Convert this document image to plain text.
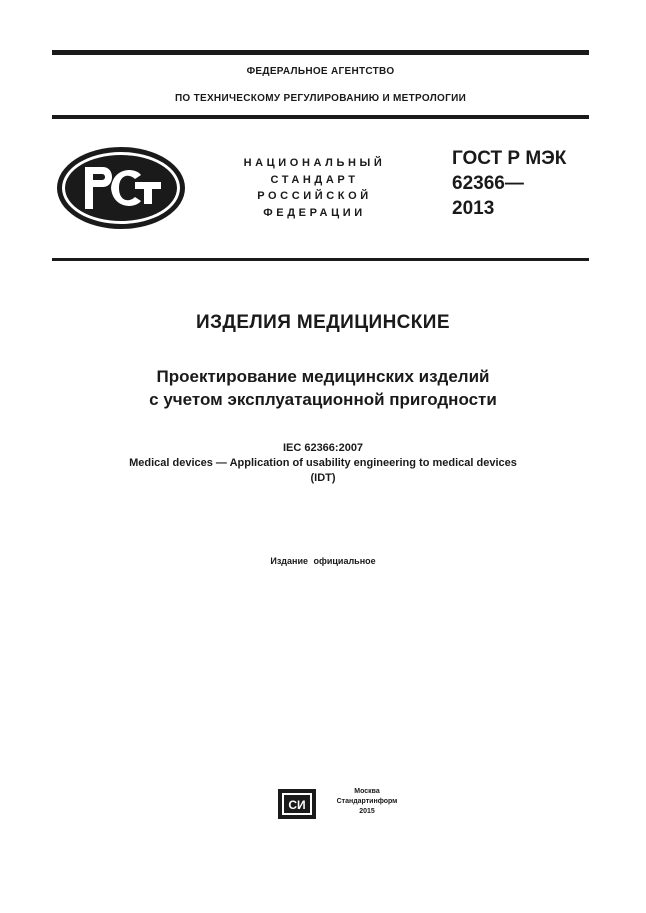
ФЕДЕРАЛЬНОЕ АГЕНТСТВО
ПО ТЕХНИЧЕСКОМУ РЕГУЛИРОВАНИЮ И МЕТРОЛОГИИ
НАЦИОНАЛЬНЫЙ
СТАНДАРТ
РОССИЙСКОЙ
ФЕДЕРАЦИИ
ГОСТ Р МЭК
62366—
2013
ИЗДЕЛИЯ МЕДИЦИНСКИЕ
Проектирование медицинских изделий
с учетом эксплуатационной пригодности
IEC 62366:2007
Medical devices — Application of usability engineering to medical devices
(IDT)
Издание официальное
СИ
Москва
Стандартинформ
2015
